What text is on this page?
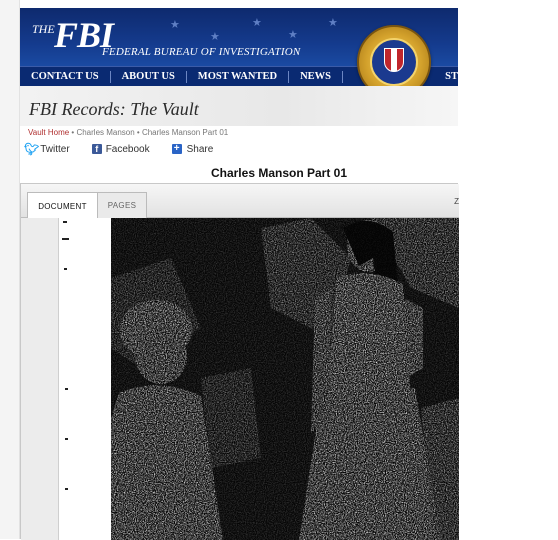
★
★
★
★
★
THE FBI
FEDERAL BUREAU OF INVESTIGATION
CONTACT US	ABOUT US	MOST WANTED	NEWS	ST
FBI Records: The Vault
Vault Home • Charles Manson • Charles Manson Part 01
🐦︎ Twitter	f Facebook + Share
Charles Manson Part 01
DOCUMENT	PAGES	Z
